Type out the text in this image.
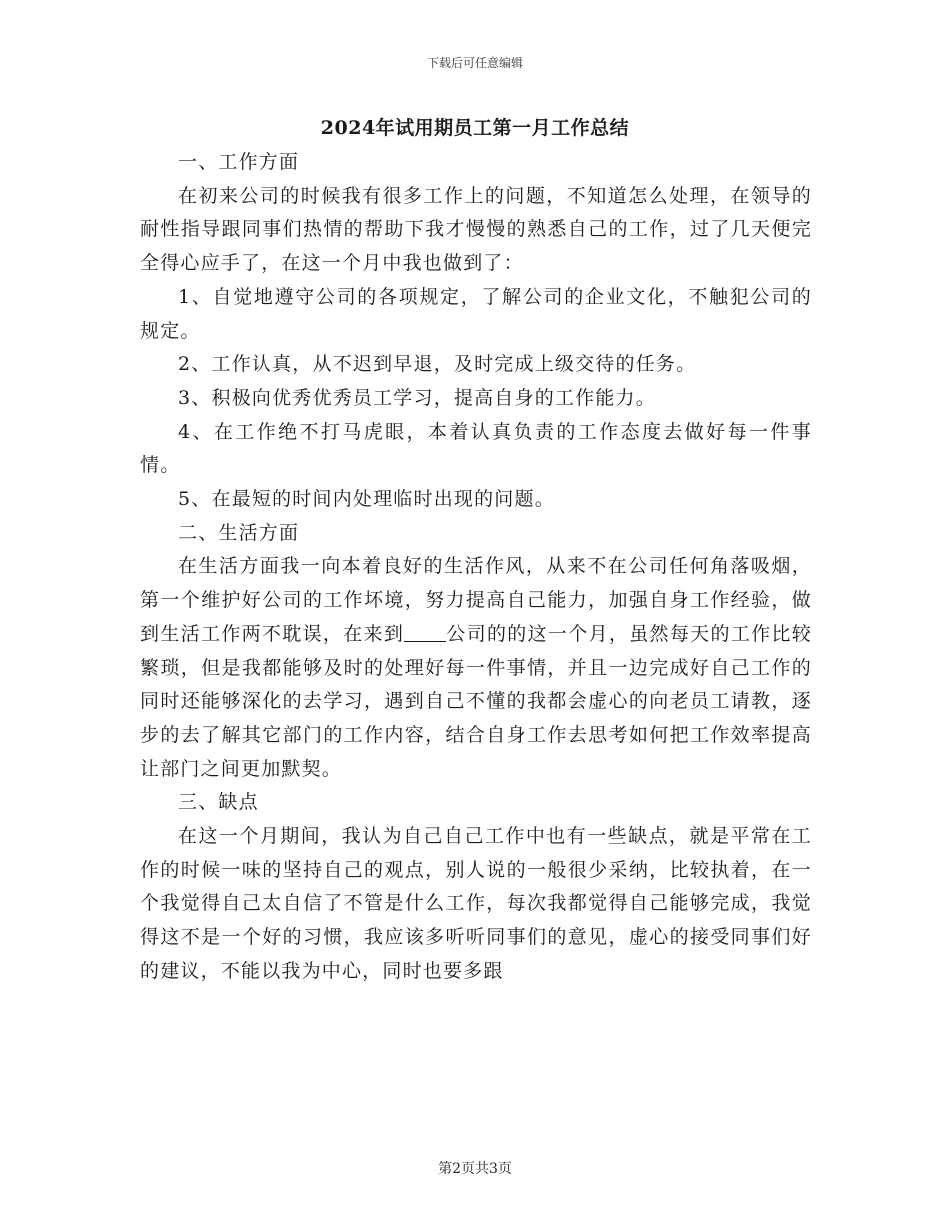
下载后可任意编辑
2024年试用期员工第一月工作总结

一、工作方面

在初来公司的时候我有很多工作上的问题，不知道怎么处理，在领导的耐性指导跟同事们热情的帮助下我才慢慢的熟悉自己的工作，过了几天便完全得心应手了，在这一个月中我也做到了：

1、自觉地遵守公司的各项规定，了解公司的企业文化，不触犯公司的规定。

2、工作认真，从不迟到早退，及时完成上级交待的任务。

3、积极向优秀优秀员工学习，提高自身的工作能力。

4、在工作绝不打马虎眼，本着认真负责的工作态度去做好每一件事情。

5、在最短的时间内处理临时出现的问题。

二、生活方面

在生活方面我一向本着良好的生活作风，从来不在公司任何角落吸烟，第一个维护好公司的工作坏境，努力提高自己能力，加强自身工作经验，做到生活工作两不耽误，在来到 公司的的这一个月，虽然每天的工作比较繁琐，但是我都能够及时的处理好每一件事情，并且一边完成好自己工作的同时还能够深化的去学习，遇到自己不懂的我都会虚心的向老员工请教，逐步的去了解其它部门的工作内容，结合自身工作去思考如何把工作效率提高让部门之间更加默契。

三、缺点

在这一个月期间，我认为自己自己工作中也有一些缺点，就是平常在工作的时候一味的坚持自己的观点，别人说的一般很少采纳，比较执着，在一个我觉得自己太自信了不管是什么工作，每次我都觉得自己能够完成，我觉得这不是一个好的习惯，我应该多听听同事们的意见，虚心的接受同事们好的建议，不能以我为中心，同时也要多跟

第2页共3页
